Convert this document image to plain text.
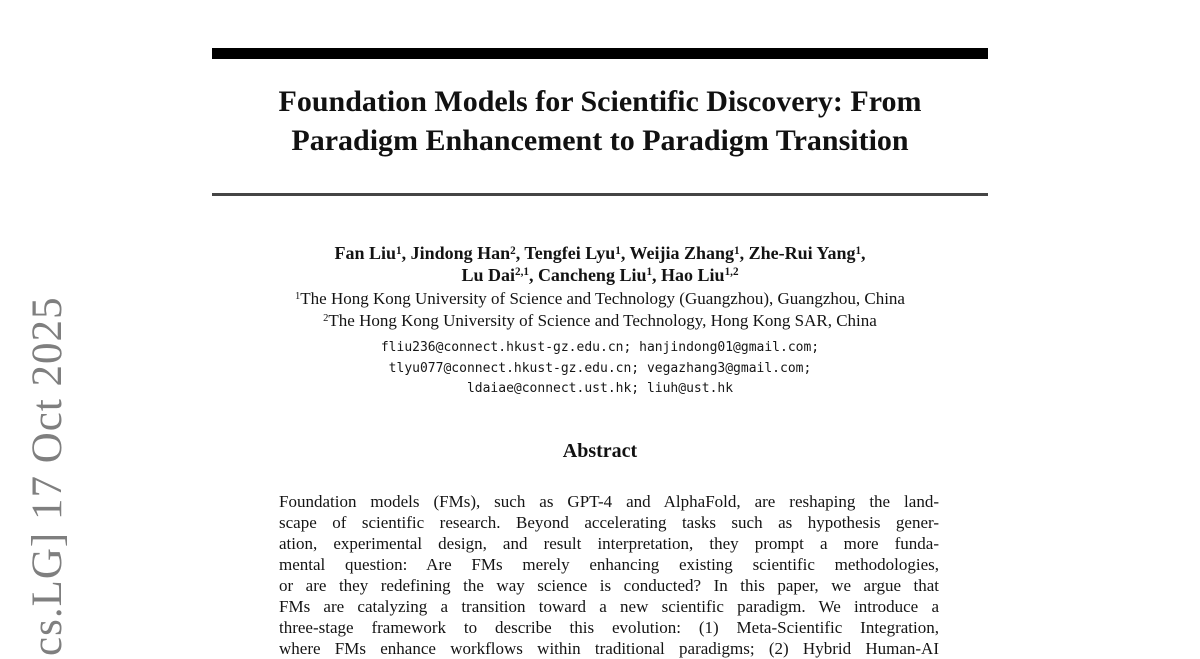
cs.LG] 17 Oct 2025
Foundation Models for Scientific Discovery: From
Paradigm Enhancement to Paradigm Transition
Fan Liu$^1$, Jindong Han$^2$, Tengfei Lyu$^1$, Weijia Zhang$^1$, Zhe-Rui Yang$^1$,
Lu Dai$^{2,1}$, Cancheng Liu$^1$, Hao Liu$^{1,2}$
$^1$The Hong Kong University of Science and Technology (Guangzhou), Guangzhou, China
$^2$The Hong Kong University of Science and Technology, Hong Kong SAR, China
fliu236@connect.hkust-gz.edu.cn; hanjindong01@gmail.com;
tlyu077@connect.hkust-gz.edu.cn; vegazhang3@gmail.com;
ldaiae@connect.ust.hk; liuh@ust.hk
Abstract
Foundation models (FMs), such as GPT-4 and AlphaFold, are reshaping the land-
scape of scientific research. Beyond accelerating tasks such as hypothesis gener-
ation, experimental design, and result interpretation, they prompt a more funda-
mental question: Are FMs merely enhancing existing scientific methodologies,
or are they redefining the way science is conducted? In this paper, we argue that
FMs are catalyzing a transition toward a new scientific paradigm. We introduce a
three-stage framework to describe this evolution: (1) Meta-Scientific Integration,
where FMs enhance workflows within traditional paradigms; (2) Hybrid Human-AI
